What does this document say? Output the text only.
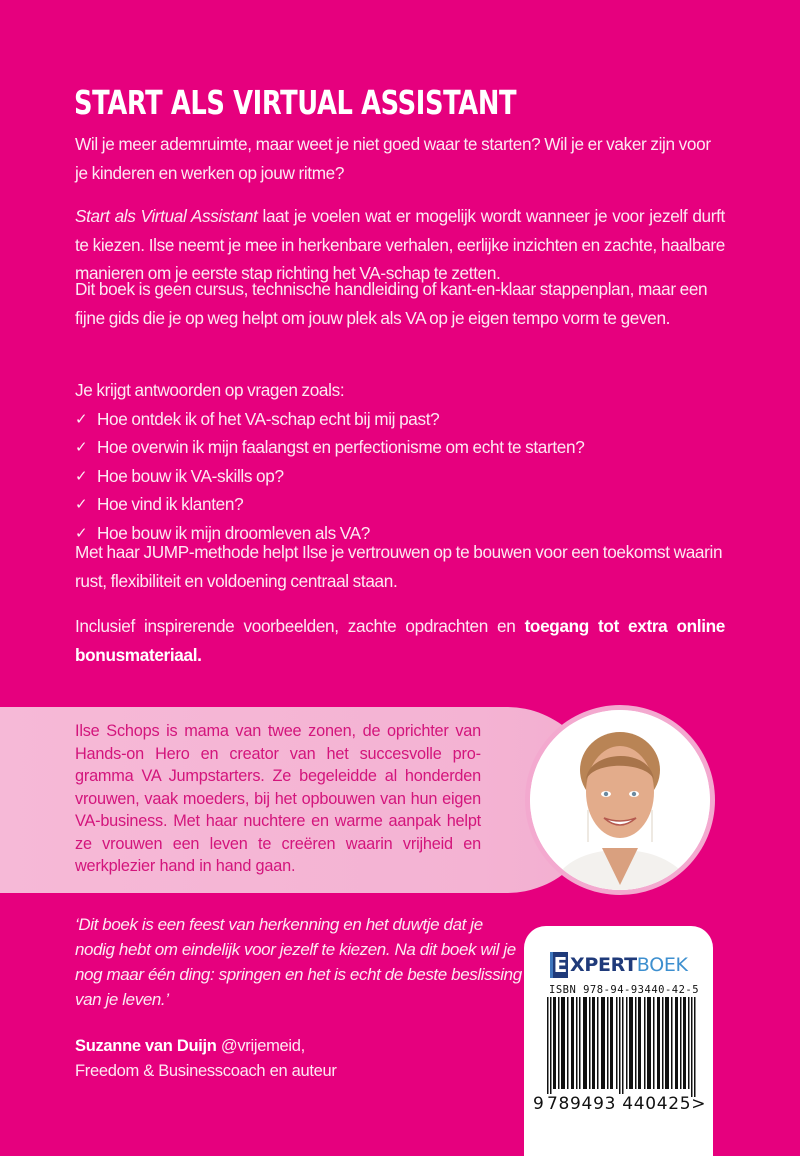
START ALS VIRTUAL ASSISTANT

Wil je meer ademruimte, maar weet je niet goed waar te starten? Wil je er vaker zijn voor je kinderen en werken op jouw ritme?

Start als Virtual Assistant laat je voelen wat er mogelijk wordt wanneer je voor jezelf durft te kiezen. Ilse neemt je mee in herkenbare verhalen, eerlijke inzichten en zachte, haalbare manieren om je eerste stap richting het VA-schap te zetten.

Dit boek is geen cursus, technische handleiding of kant-en-klaar stappenplan, maar een fijne gids die je op weg helpt om jouw plek als VA op je eigen tempo vorm te geven.

Je krijgt antwoorden op vragen zoals:

✓ Hoe ontdek ik of het VA-schap echt bij mij past?
✓ Hoe overwin ik mijn faalangst en perfectionisme om echt te starten?
✓ Hoe bouw ik VA-skills op?
✓ Hoe vind ik klanten?
✓ Hoe bouw ik mijn droomleven als VA?

Met haar JUMP-methode helpt Ilse je vertrouwen op te bouwen voor een toekomst waarin rust, flexibiliteit en voldoening centraal staan.

Inclusief inspirerende voorbeelden, zachte opdrachten en toegang tot extra online bonusmateriaal.

Ilse Schops is mama van twee zonen, de oprichter van Hands-on Hero en creator van het succesvolle programma VA Jumpstarters. Ze begeleidde al honderden vrouwen, vaak moeders, bij het opbouwen van hun eigen VA-business. Met haar nuchtere en warme aanpak helpt ze vrouwen een leven te creëren waarin vrijheid en werkplezier hand in hand gaan.

‘Dit boek is een feest van herkenning en het duwtje dat je nodig hebt om eindelijk voor jezelf te kiezen. Na dit boek wil je nog maar één ding: springen en het is echt de beste beslissing van je leven.’

Suzanne van Duijn @vrijemeid,

Freedom & Businesscoach en auteur

E XPERT BOEK
ISBN 978-94-93440-42-5
9 789493 440425>
